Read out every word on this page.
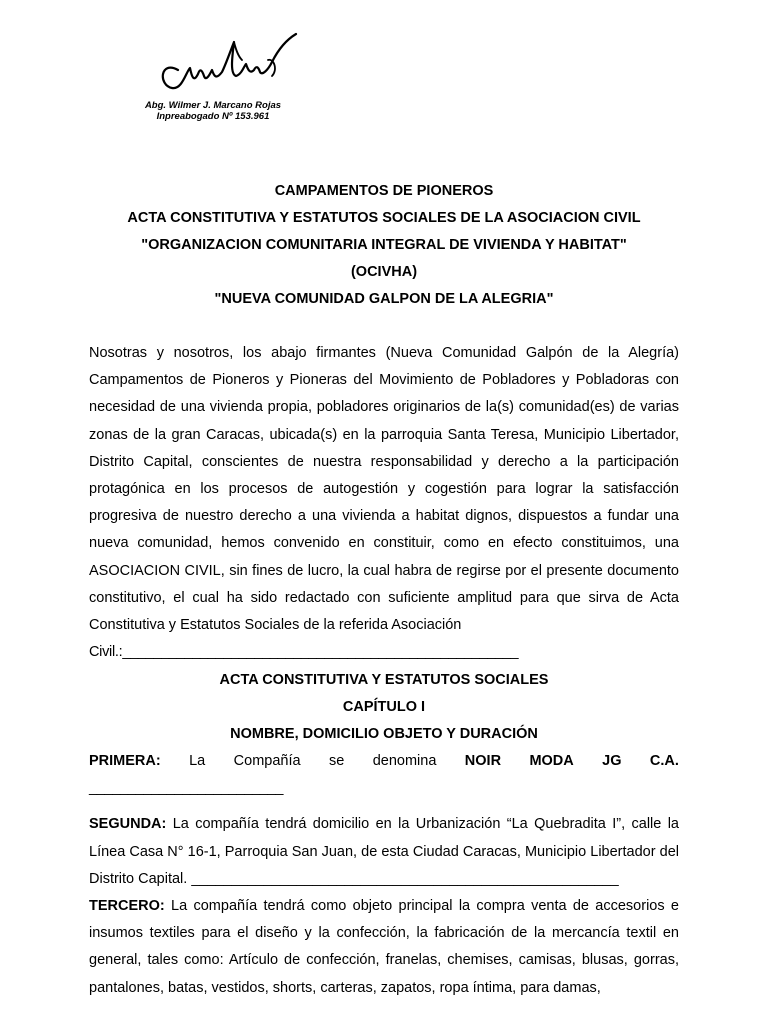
Abg. Wilmer J. Marcano Rojas
Inpreabogado Nº 153.961
CAMPAMENTOS DE PIONEROS
ACTA CONSTITUTIVA Y ESTATUTOS SOCIALES DE LA ASOCIACION CIVIL
"ORGANIZACION COMUNITARIA INTEGRAL DE VIVIENDA Y HABITAT"
(OCIVHA)
"NUEVA COMUNIDAD GALPON DE LA ALEGRIA"

Nosotras y nosotros, los abajo firmantes (Nueva Comunidad Galpón de la Alegría) Campamentos de Pioneros y Pioneras del Movimiento de Pobladores y Pobladoras con necesidad de una vivienda propia, pobladores originarios de la(s) comunidad(es) de varias zonas de la gran Caracas, ubicada(s) en la parroquia Santa Teresa, Municipio Libertador, Distrito Capital, conscientes de nuestra responsabilidad y derecho a la participación protagónica en los procesos de autogestión y cogestión para lograr la satisfacción progresiva de nuestro derecho a una vivienda a habitat dignos, dispuestos a fundar una nueva comunidad, hemos convenido en constituir, como en efecto constituimos, una ASOCIACION CIVIL, sin fines de lucro, la cual habra de regirse por el presente documento constitutivo, el cual ha sido redactado con suficiente amplitud para que sirva de Acta Constitutiva y Estatutos Sociales de la referida Asociación

Civil.:___________________________________________________

ACTA CONSTITUTIVA Y ESTATUTOS SOCIALES
CAPÍTULO I
NOMBRE, DOMICILIO OBJETO Y DURACIÓN
PRIMERA: La Compañía se denomina NOIR MODA JG C.A.

_________________________

SEGUNDA: La compañía tendrá domicilio en la Urbanización “La Quebradita I”, calle la Línea Casa N° 16-1, Parroquia San Juan, de esta Ciudad Caracas, Municipio Libertador del Distrito Capital. _____________________________________________________

TERCERO: La compañía tendrá como objeto principal la compra venta de accesorios e insumos textiles para el diseño y la confección, la fabricación de la mercancía textil en general, tales como: Artículo de confección, franelas, chemises, camisas, blusas, gorras, pantalones, batas, vestidos, shorts, carteras, zapatos, ropa íntima, para damas,
